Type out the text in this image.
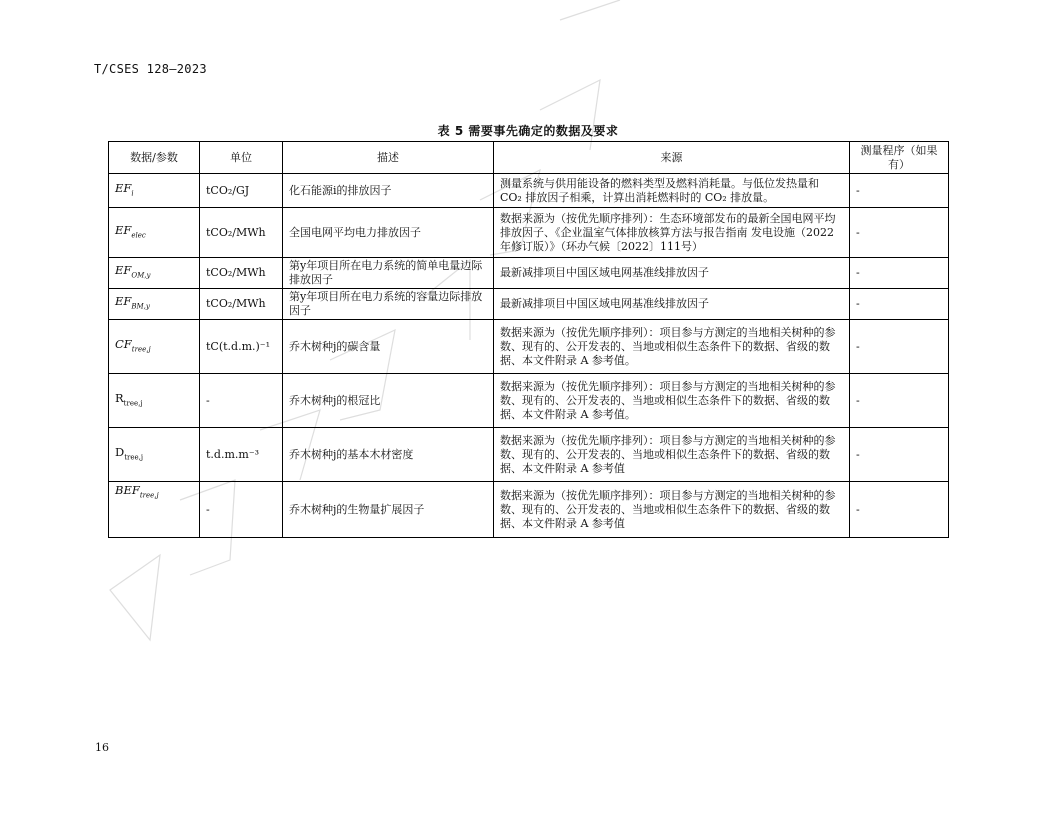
T/CSES 128—2023
表 5 需要事先确定的数据及要求
数据/参数	单位	描述	来源	测量程序（如果有）
$EF_i$	tCO₂/GJ	化石能源i的排放因子	测量系统与供用能设备的燃料类型及燃料消耗量。与低位发热量和 CO₂ 排放因子相乘，计算出消耗燃料时的 CO₂ 排放量。	-
$EF_{elec}$	tCO₂/MWh	全国电网平均电力排放因子	数据来源为（按优先顺序排列）：生态环境部发布的最新全国电网平均排放因子、《企业温室气体排放核算方法与报告指南 发电设施（2022年修订版）》（环办气候〔2022〕111号）	-
$EF_{OM,y}$	tCO₂/MWh	第y年项目所在电力系统的简单电量边际排放因子	最新减排项目中国区域电网基准线排放因子	-
$EF_{BM,y}$	tCO₂/MWh	第y年项目所在电力系统的容量边际排放因子	最新减排项目中国区域电网基准线排放因子	-
$CF_{tree,j}$	tC(t.d.m.)⁻¹	乔木树种j的碳含量	数据来源为（按优先顺序排列）：项目参与方测定的当地相关树种的参数、现有的、公开发表的、当地或相似生态条件下的数据、省级的数据、本文件附录 A 参考值。	-
$R_{tree,j}$	-	乔木树种j的根冠比	数据来源为（按优先顺序排列）：项目参与方测定的当地相关树种的参数、现有的、公开发表的、当地或相似生态条件下的数据、省级的数据、本文件附录 A 参考值。	-
$D_{tree,j}$	t.d.m.m⁻³	乔木树种j的基本木材密度	数据来源为（按优先顺序排列）：项目参与方测定的当地相关树种的参数、现有的、公开发表的、当地或相似生态条件下的数据、省级的数据、本文件附录 A 参考值	-
$BEF_{tree,j}$	-	乔木树种j的生物量扩展因子	数据来源为（按优先顺序排列）：项目参与方测定的当地相关树种的参数、现有的、公开发表的、当地或相似生态条件下的数据、省级的数据、本文件附录 A 参考值	-
16
